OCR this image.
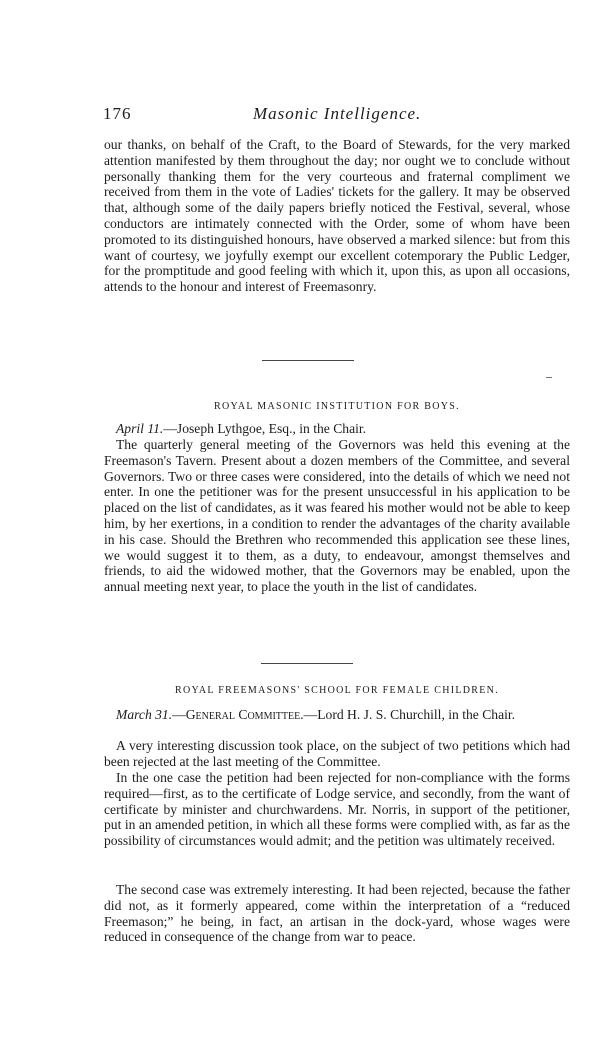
176	Masonic Intelligence.

our thanks, on behalf of the Craft, to the Board of Stewards, for the very marked attention manifested by them throughout the day; nor ought we to conclude without personally thanking them for the very courteous and fraternal compliment we received from them in the vote of Ladies' tickets for the gallery. It may be observed that, although some of the daily papers briefly noticed the Festival, several, whose conductors are intimately connected with the Order, some of whom have been promoted to its distinguished honours, have observed a marked silence: but from this want of courtesy, we joyfully exempt our excellent cotemporary the Public Ledger, for the promptitude and good feeling with which it, upon this, as upon all occasions, attends to the honour and interest of Freemasonry.

ROYAL MASONIC INSTITUTION FOR BOYS.

April 11.—Joseph Lythgoe, Esq., in the Chair.

The quarterly general meeting of the Governors was held this evening at the Freemason's Tavern. Present about a dozen members of the Committee, and several Governors. Two or three cases were considered, into the details of which we need not enter. In one the petitioner was for the present unsuccessful in his application to be placed on the list of candidates, as it was feared his mother would not be able to keep him, by her exertions, in a condition to render the advantages of the charity available in his case. Should the Brethren who recommended this application see these lines, we would suggest it to them, as a duty, to endeavour, amongst themselves and friends, to aid the widowed mother, that the Governors may be enabled, upon the annual meeting next year, to place the youth in the list of candidates.

ROYAL FREEMASONS' SCHOOL FOR FEMALE CHILDREN.

March 31.—General Committee.—Lord H. J. S. Churchill, in the Chair.

A very interesting discussion took place, on the subject of two petitions which had been rejected at the last meeting of the Committee.

In the one case the petition had been rejected for non-compliance with the forms required—first, as to the certificate of Lodge service, and secondly, from the want of certificate by minister and churchwardens. Mr. Norris, in support of the petitioner, put in an amended petition, in which all these forms were complied with, as far as the possibility of circumstances would admit; and the petition was ultimately received.

The second case was extremely interesting. It had been rejected, because the father did not, as it formerly appeared, come within the interpretation of a “reduced Freemason;” he being, in fact, an artisan in the dock-yard, whose wages were reduced in consequence of the change from war to peace.
